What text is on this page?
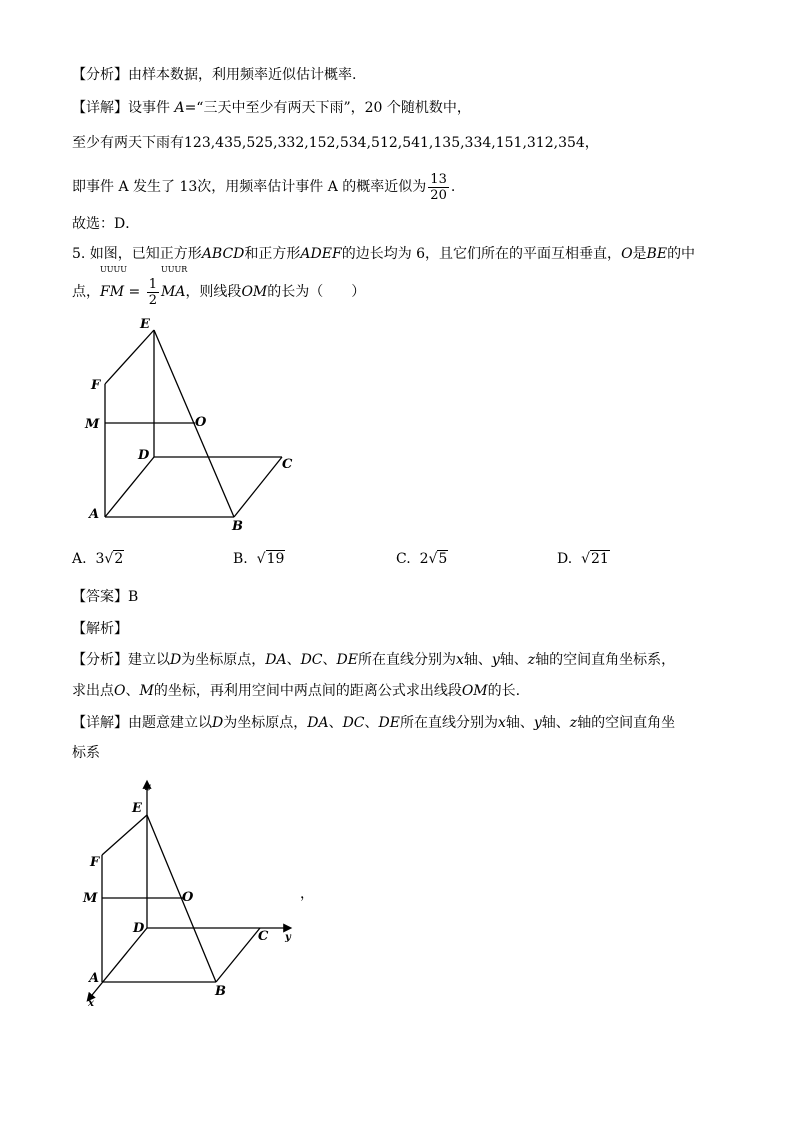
【分析】由样本数据，利用频率近似估计概率.
【详解】设事件 A=“三天中至少有两天下雨”，20 个随机数中，
至少有两天下雨有123,435,525,332,152,534,512,541,135,334,151,312,354，
即事件 A 发生了 13次，用频率估计事件 A 的概率近似为 $\frac{13}{20}$ .
故选：D．
5. 如图，已知正方形ABCD和正方形ADEF的边长均为 6，且它们所在的平面互相垂直，O是BE的中
点，
UUUU
FM = $\frac{1}{2}$
UUUR
MA，则线段OM的长为（　　）
E
F
M	O
D
C
A
B
A. 3√2	B. √19	C. 2√5	D. √21
【答案】B
【解析】
【分析】建立以D为坐标原点，DA、DC、DE所在直线分别为x轴、y轴、z轴的空间直角坐标系，
求出点O、M的坐标，再利用空间中两点间的距离公式求出线段OM的长.
【详解】由题意建立以D为坐标原点，DA、DC、DE所在直线分别为x轴、y轴、z轴的空间直角坐
标系
z
E
F
M	O
D
C y
A
B
x
，
